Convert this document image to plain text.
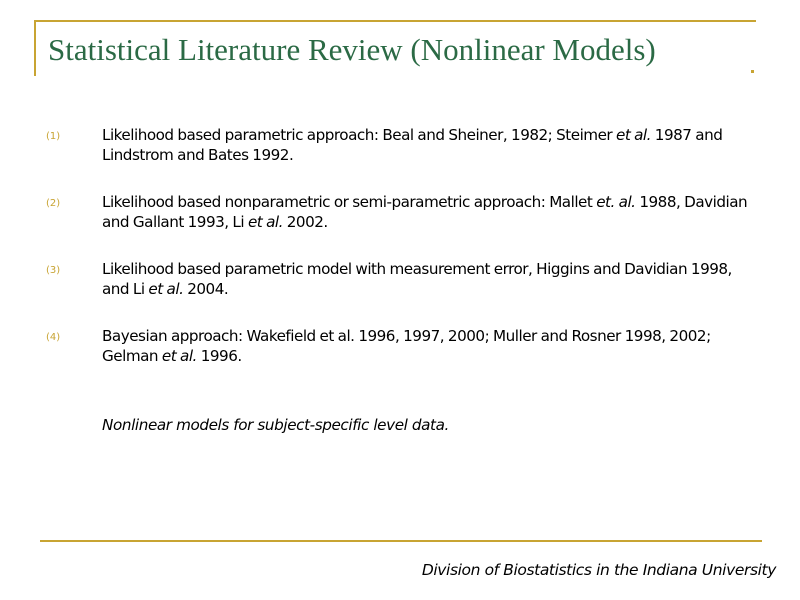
Statistical Literature Review (Nonlinear Models)
(1)	Likelihood based parametric approach: Beal and Sheiner, 1982; Steimer et al. 1987 and Lindstrom and Bates 1992.

(2)	Likelihood based nonparametric or semi-parametric approach: Mallet et. al. 1988, Davidian and Gallant 1993, Li et al. 2002.

(3)	Likelihood based parametric model with measurement error, Higgins and Davidian 1998, and Li et al. 2004.

(4)	Bayesian approach: Wakefield et al. 1996, 1997, 2000; Muller and Rosner 1998, 2002; Gelman et al. 1996.

Nonlinear models for subject-specific level data.

Division of Biostatistics in the Indiana University
